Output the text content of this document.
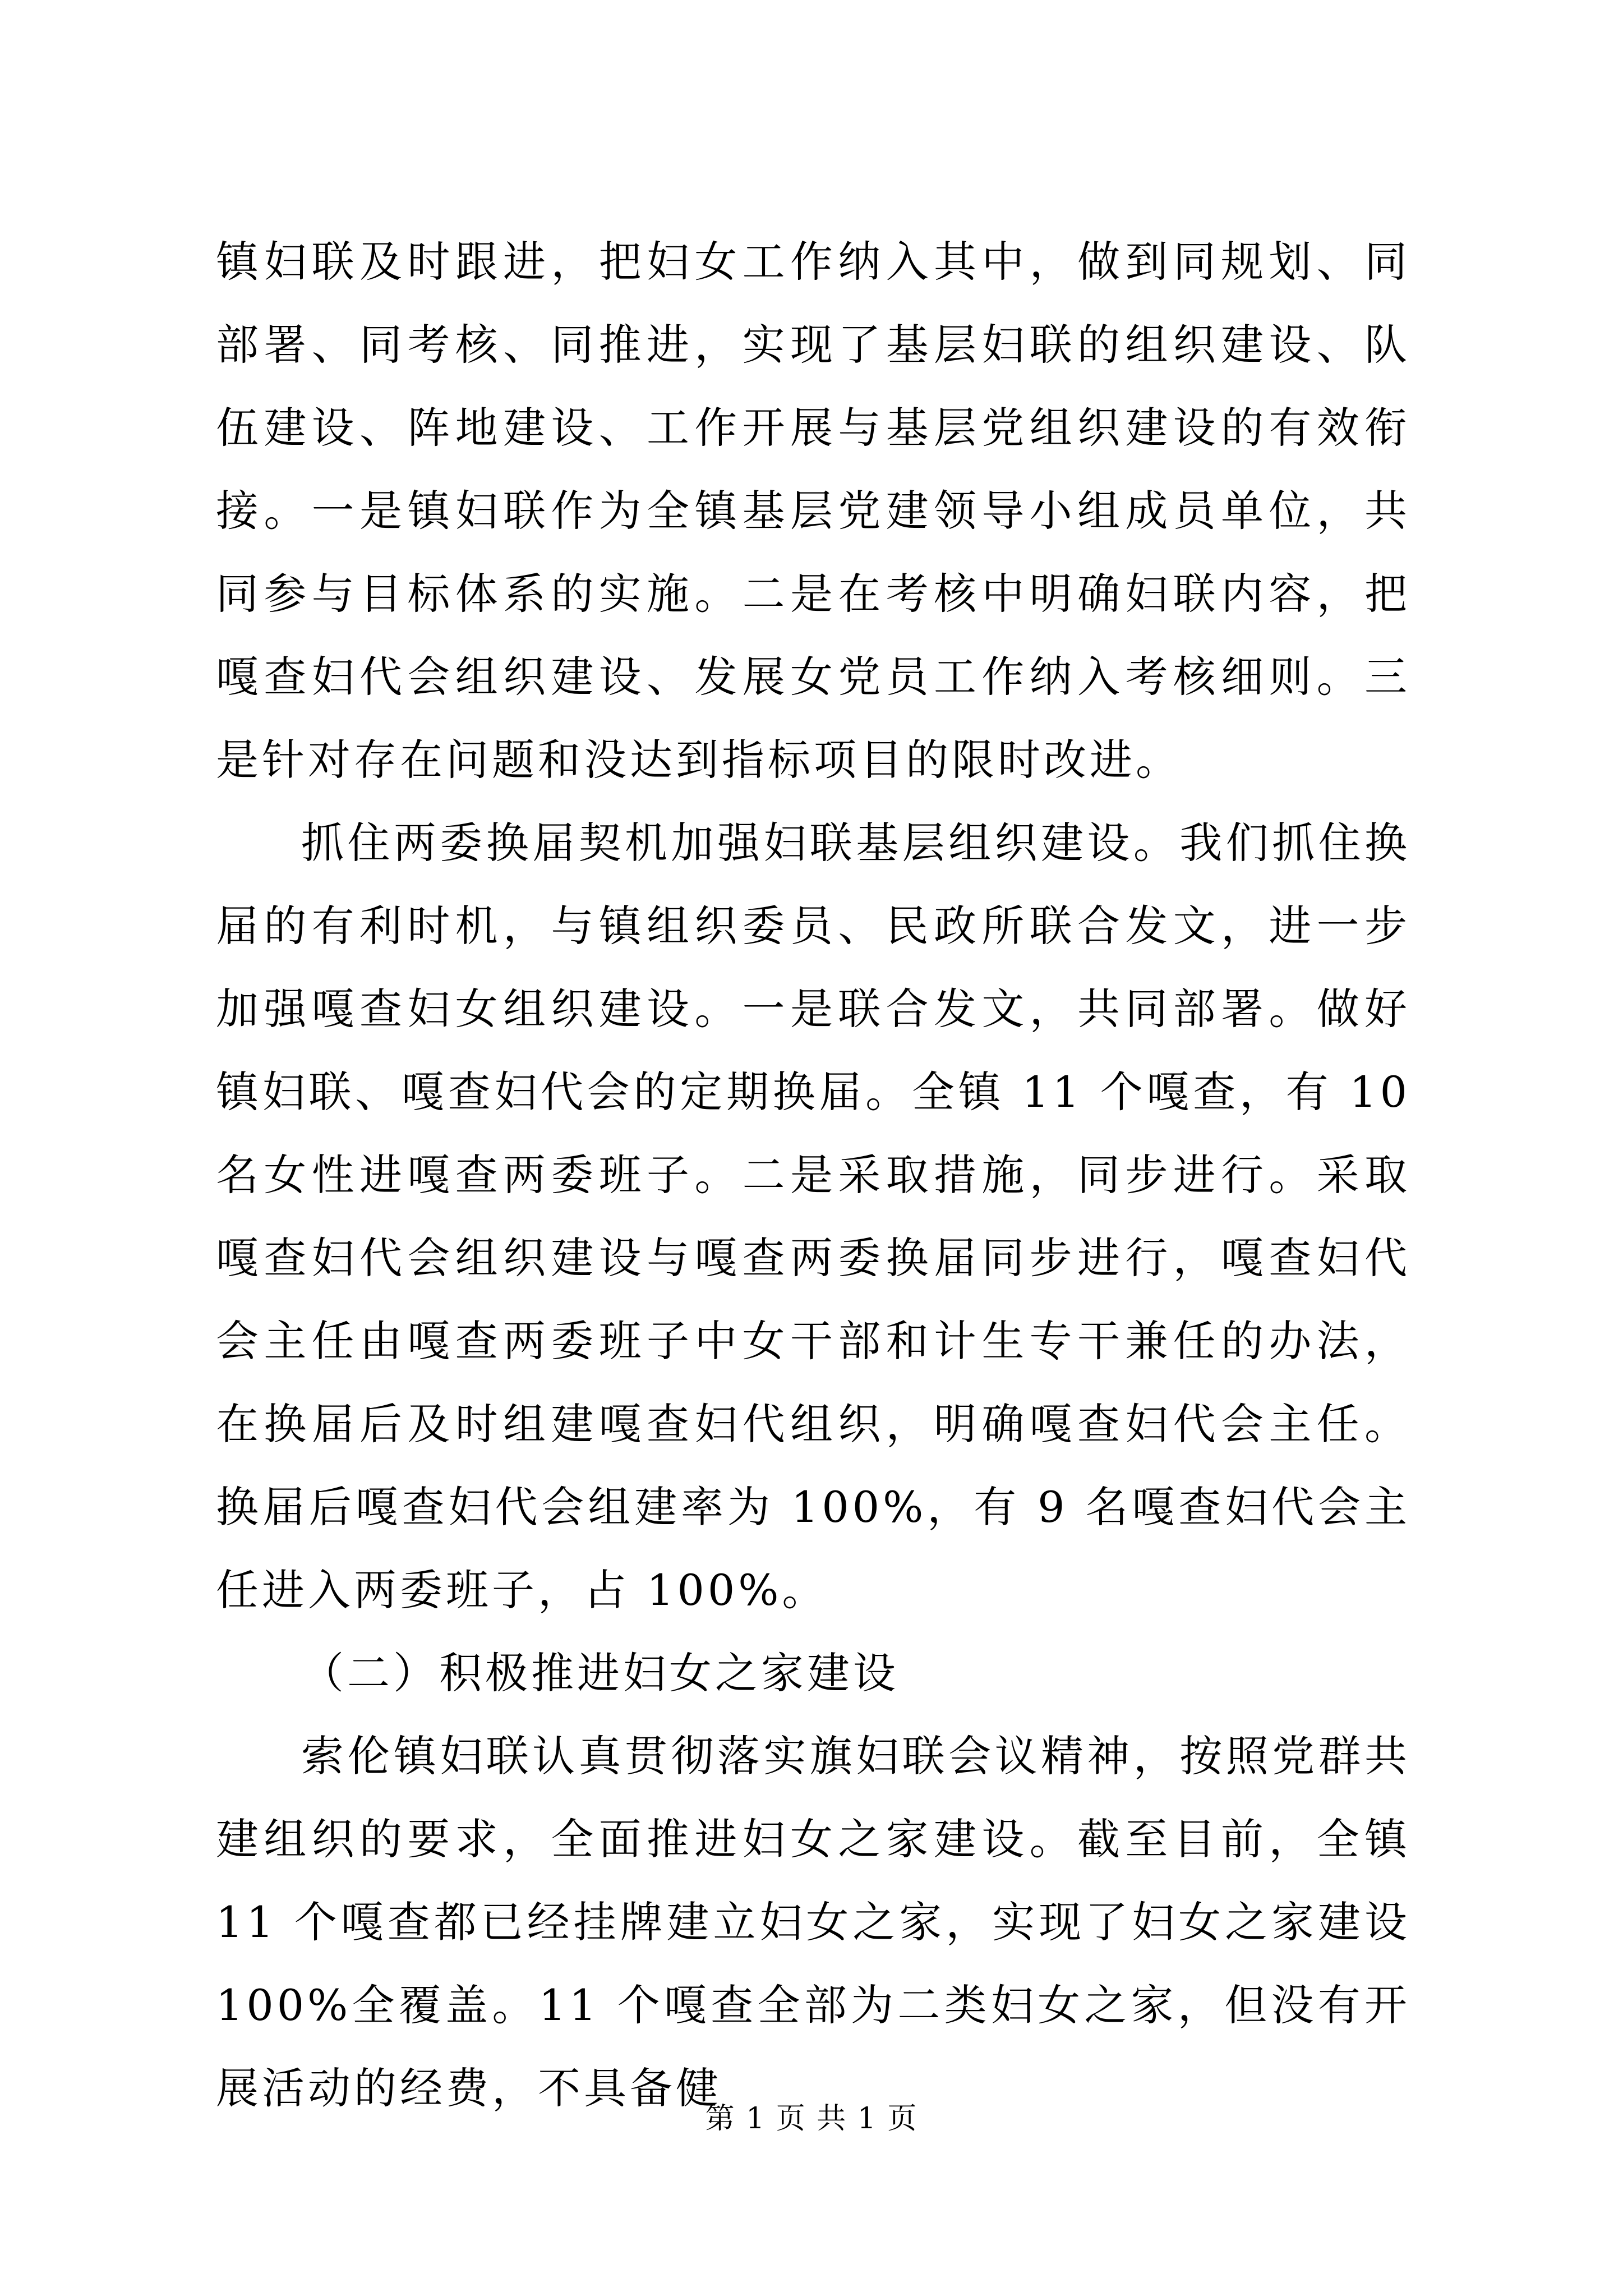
镇妇联及时跟进，把妇女工作纳入其中，做到同规划、同部署、同考核、同推进，实现了基层妇联的组织建设、队伍建设、阵地建设、工作开展与基层党组织建设的有效衔接。一是镇妇联作为全镇基层党建领导小组成员单位，共同参与目标体系的实施。二是在考核中明确妇联内容，把嘎查妇代会组织建设、发展女党员工作纳入考核细则。三是针对存在问题和没达到指标项目的限时改进。

抓住两委换届契机加强妇联基层组织建设。我们抓住换届的有利时机，与镇组织委员、民政所联合发文，进一步加强嘎查妇女组织建设。一是联合发文，共同部署。做好镇妇联、嘎查妇代会的定期换届。全镇 11 个嘎查，有 10 名女性进嘎查两委班子。二是采取措施，同步进行。采取嘎查妇代会组织建设与嘎查两委换届同步进行，嘎查妇代会主任由嘎查两委班子中女干部和计生专干兼任的办法，在换届后及时组建嘎查妇代组织，明确嘎查妇代会主任。换届后嘎查妇代会组建率为 100%，有 9 名嘎查妇代会主任进入两委班子，占 100%。

（二）积极推进妇女之家建设

索伦镇妇联认真贯彻落实旗妇联会议精神，按照党群共建组织的要求，全面推进妇女之家建设。截至目前，全镇 11 个嘎查都已经挂牌建立妇女之家，实现了妇女之家建设 100%全覆盖。11 个嘎查全部为二类妇女之家，但没有开展活动的经费，不具备健

第 1 页 共 1 页
